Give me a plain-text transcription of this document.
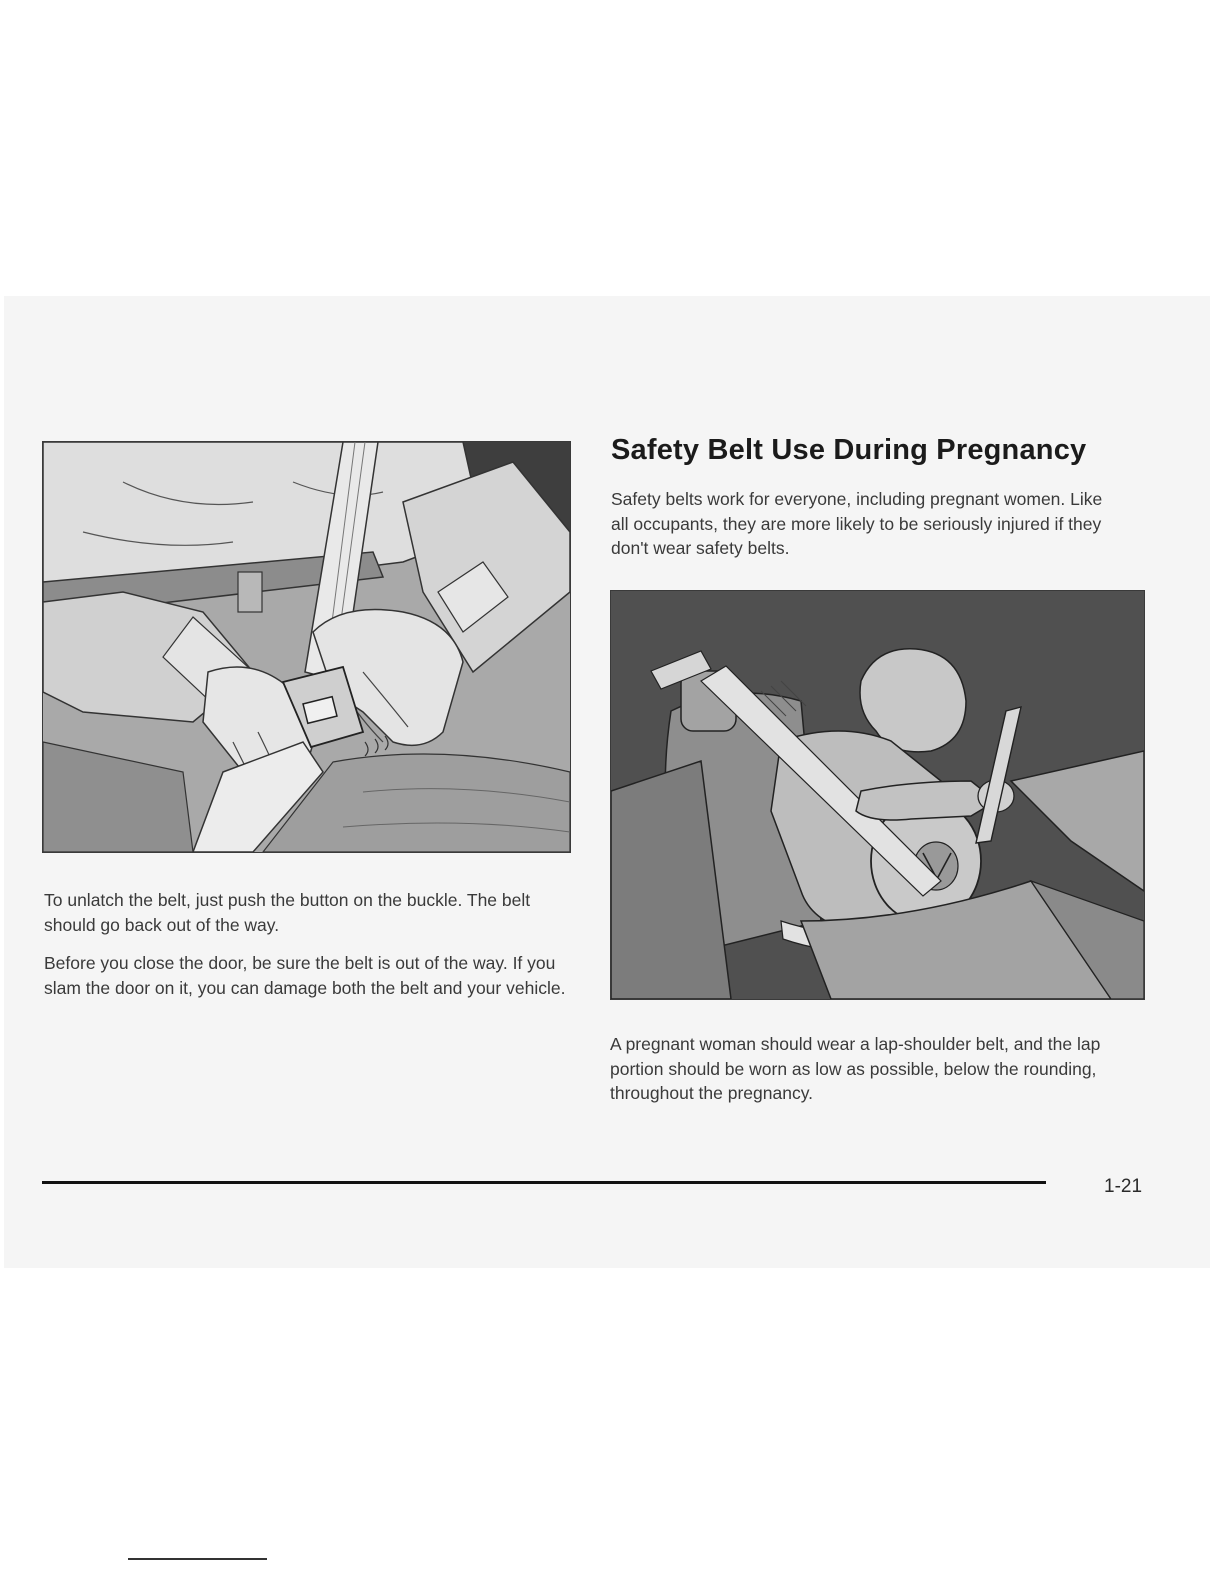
Safety Belt Use During Pregnancy

Safety belts work for everyone, including pregnant women. Like all occupants, they are more likely to be seriously injured if they don't wear safety belts.

To unlatch the belt, just push the button on the buckle. The belt should go back out of the way.

Before you close the door, be sure the belt is out of the way. If you slam the door on it, you can damage both the belt and your vehicle.

A pregnant woman should wear a lap-shoulder belt, and the lap portion should be worn as low as possible, below the rounding, throughout the pregnancy.

1-21
